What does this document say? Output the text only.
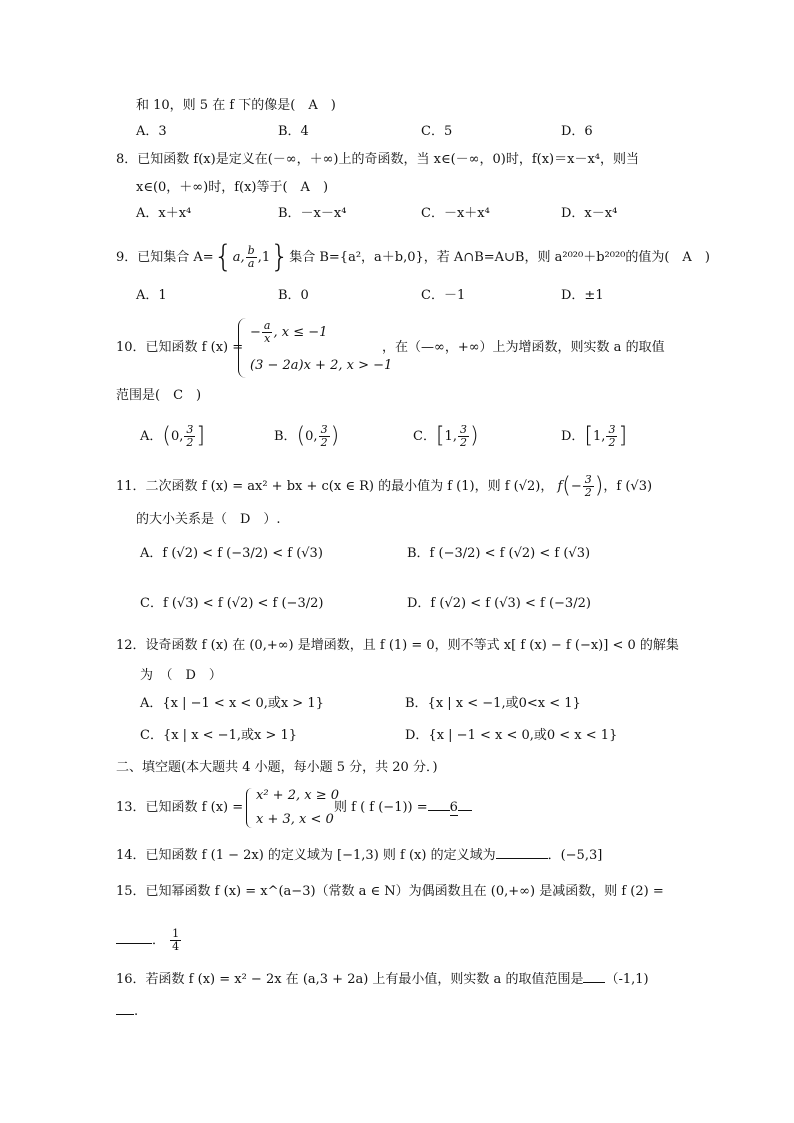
和 10，则 5 在 f 下的像是(　A　)
A．3	B．4	C．5	D．6
8．已知函数 f(x)是定义在(－∞，＋∞)上的奇函数，当 x∈(－∞，0)时，f(x)＝x－x⁴，则当
x∈(0，＋∞)时，f(x)等于(　A　)
A．x＋x⁴	B．－x－x⁴	C．－x＋x⁴	D．x－x⁴
9．已知集合 A={a, $\frac{b}{a} ,1$}集合 B={a²，a＋b,0}，若 A∩B=A∪B，则 a²⁰²⁰＋b²⁰²⁰的值为(　A　)
A．1	B．0	C．－1	D．±1
10．已知函数 f (x) =
− $\frac{a}{x}$ , x ≤ −1
(3 − 2a)x + 2, x > −1
，在（—∞，+∞）上为增函数，则实数 a 的取值
范围是(　C　)
A．(0, $\frac{3}{2}$ ]	B．(0, $\frac{3}{2}$ )	C．[1, $\frac{3}{2}$ )	D．[1, $\frac{3}{2}$ ]
11．二次函数 f (x) = ax² + bx + c(x ∈ R) 的最小值为 f (1)，则 f (√2)， $f(- \frac{3}{2}$ )，f (√3)
的大小关系是（　D　）.
A．f (√2) < f (−3/2) < f (√3)	B．f (−3/2) < f (√2) < f (√3)
C．f (√3) < f (√2) < f (−3/2)	D．f (√2) < f (√3) < f (−3/2)
12．设奇函数 f (x) 在 (0,+∞) 是增函数，且 f (1) = 0，则不等式 x[ f (x) − f (−x)] < 0 的解集
为　（　D　）
A．{x | −1 < x < 0,或x > 1}	B．{x | x < −1,或0<x < 1}
C．{x | x < −1,或x > 1}	D．{x | −1 < x < 0,或0 < x < 1}
二、填空题(本大题共 4 小题，每小题 5 分，共 20 分．)
13．已知函数 f (x) =
x² + 2, x ≥ 0
x + 3, x < 0
则 f ( f (−1)) = 6
14．已知函数 f (1 − 2x) 的定义域为 [−1,3) 则 f (x) 的定义域为	．(−5,3]
15．已知幂函数 f (x) = x^(a−3)（常数 a ∈ N）为偶函数且在 (0,+∞) 是减函数，则 f (2) =
． $\frac{1}{4}$
16．若函数 f (x) = x² − 2x 在 (a,3 + 2a) 上有最小值，则实数 a 的取值范围是 （-1,1)
.
